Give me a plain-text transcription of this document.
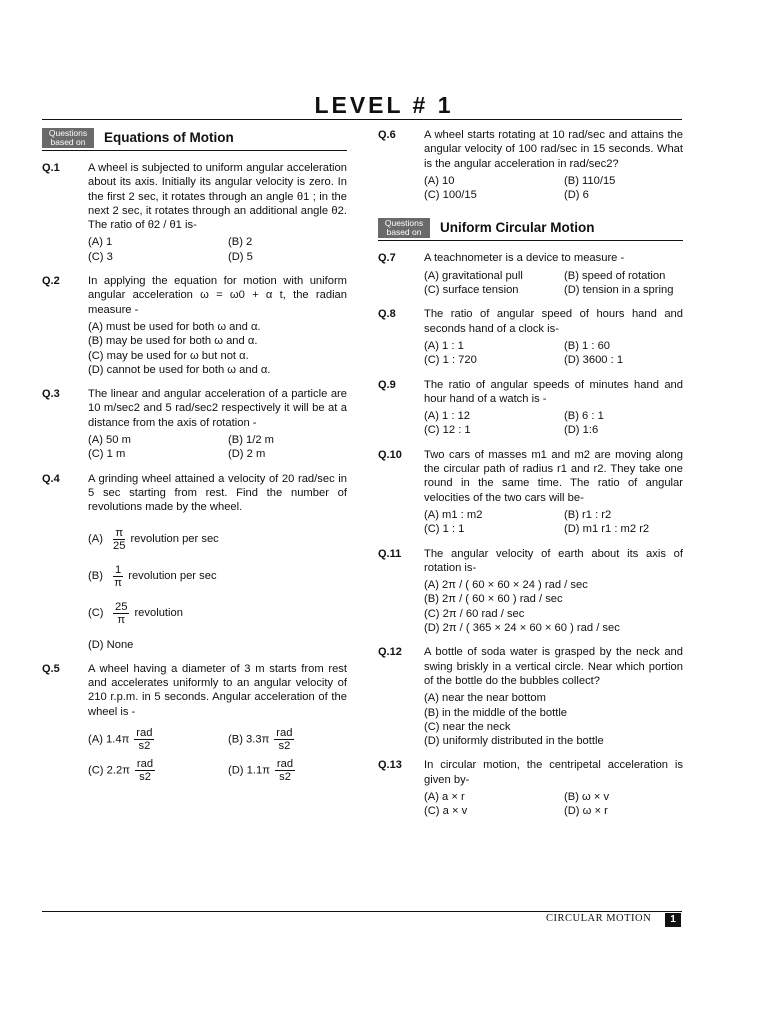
LEVEL # 1
Questions based on	Equations of Motion
Q.1	A wheel is subjected to uniform angular acceleration about its axis. Initially its angular velocity is zero. In the first 2 sec, it rotates through an angle θ1 ; in the next 2 sec, it rotates through an additional angle θ2. The ratio of θ2 / θ1 is-
(A) 1	(B) 2
(C) 3	(D) 5
Q.2	In applying the equation for motion with uniform angular acceleration ω = ω0 + α t, the radian measure -
(A) must be used for both ω and α.
(B) may be used for both ω and α.
(C) may be used for ω but not α.
(D) cannot be used for both ω and α.
Q.3	The linear and angular acceleration of a particle are 10 m/sec2 and 5 rad/sec2 respectively it will be at a distance from the axis of rotation -
(A) 50 m	(B) 1/2 m
(C) 1 m	(D) 2 m
Q.4	A grinding wheel attained a velocity of 20 rad/sec in 5 sec starting from rest. Find the number of revolutions made by the wheel.
$(A) \frac{\pi}{25}$ revolution per sec
$(B) \frac{1}{\pi}$ revolution per sec
$(C) \frac{25}{\pi}$ revolution
(D) None
Q.5	A wheel having a diameter of 3 m starts from rest and accelerates uniformly to an angular velocity of 210 r.p.m. in 5 seconds. Angular acceleration of the wheel is -
(A) $1.4\pi \frac{\text{rad}}{s2}$	(B) $3.3\pi \frac{\text{rad}}{s2}$
(C) $2.2\pi \frac{\text{rad}}{s2}$	(D) $1.1\pi \frac{\text{rad}}{s2}$
Q.6	A wheel starts rotating at 10 rad/sec and attains the angular velocity of 100 rad/sec in 15 seconds. What is the angular acceleration in rad/sec2?
(A) 10	(B) 110/15
(C) 100/15	(D) 6
Questions based on	Uniform Circular Motion
Q.7	A teachnometer is a device to measure -
(A) gravitational pull	(B) speed of rotation
(C) surface tension	(D) tension in a spring
Q.8	The ratio of angular speed of hours hand and seconds hand of a clock is-
(A) 1 : 1	(B) 1 : 60
(C) 1 : 720	(D) 3600 : 1
Q.9	The ratio of angular speeds of minutes hand and hour hand of a watch is -
(A) 1 : 12	(B) 6 : 1
(C) 12 : 1	(D) 1:6
Q.10	Two cars of masses m1 and m2 are moving along the circular path of radius r1 and r2. They take one round in the same time. The ratio of angular velocities of the two cars will be-
(A) m1 : m2	(B) r1 : r2
(C) 1 : 1	(D) m1 r1 : m2 r2
Q.11	The angular velocity of earth about its axis of rotation is-
(A) 2π / ( 60 × 60 × 24 ) rad / sec
(B) 2π / ( 60 × 60 ) rad / sec
(C) 2π / 60 rad / sec
(D) 2π / ( 365 × 24 × 60 × 60 ) rad / sec
Q.12	A bottle of soda water is grasped by the neck and swing briskly in a vertical circle. Near which portion of the bottle do the bubbles collect?
(A) near the near bottom
(B) in the middle of the bottle
(C) near the neck
(D) uniformly distributed in the bottle
Q.13	In circular motion, the centripetal acceleration is given by-
(A) a × r	(B) ω × v
(C) a × v	(D) ω × r
CIRCULAR MOTION	1
